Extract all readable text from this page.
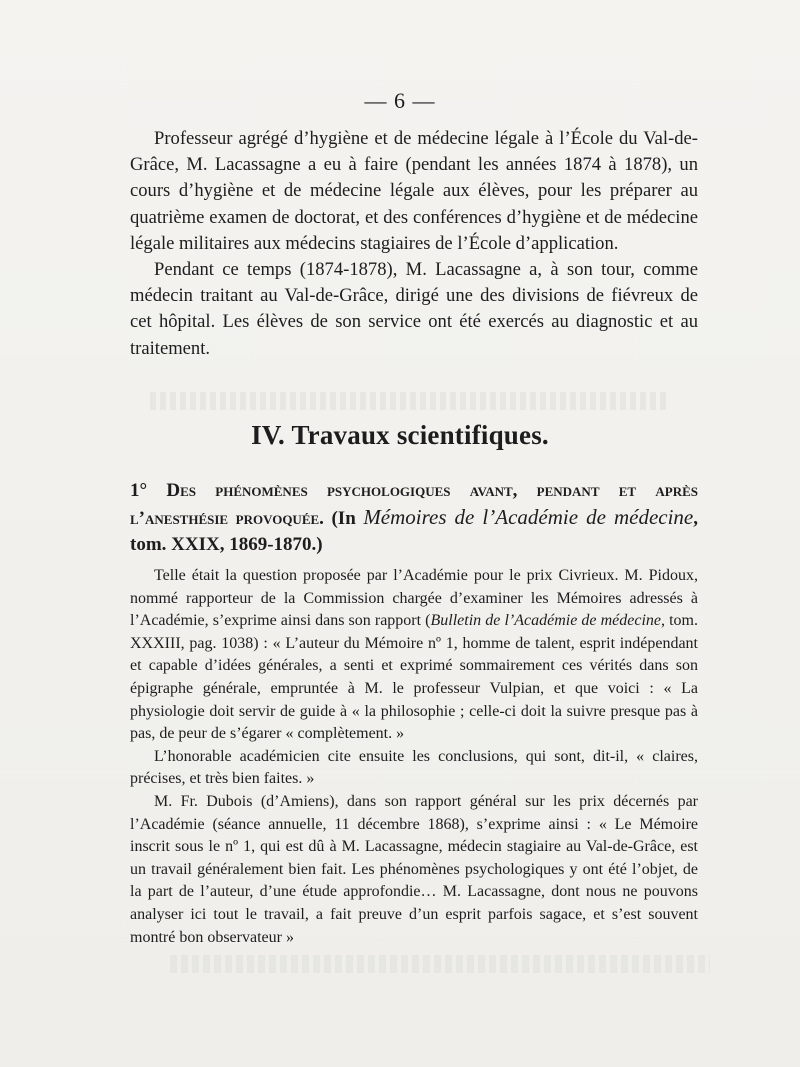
— 6 —

Professeur agrégé d’hygiène et de médecine légale à l’École du Val-de-Grâce, M. Lacassagne a eu à faire (pendant les années 1874 à 1878), un cours d’hygiène et de médecine légale aux élèves, pour les préparer au quatrième examen de doctorat, et des conférences d’hygiène et de médecine légale militaires aux médecins stagiaires de l’École d’application.

Pendant ce temps (1874-1878), M. Lacassagne a, à son tour, comme médecin traitant au Val-de-Grâce, dirigé une des divisions de fiévreux de cet hôpital. Les élèves de son service ont été exercés au diagnostic et au traitement.

IV. Travaux scientifiques.
1° Des phénomènes psychologiques avant, pendant et après l’anesthésie provoquée. (In Mémoires de l’Académie de médecine, tom. XXIX, 1869-1870.)

Telle était la question proposée par l’Académie pour le prix Civrieux. M. Pidoux, nommé rapporteur de la Commission chargée d’examiner les Mémoires adressés à l’Académie, s’exprime ainsi dans son rapport (Bulletin de l’Académie de médecine, tom. XXXIII, pag. 1038) : « L’auteur du Mémoire nº 1, homme de talent, esprit indépendant et capable d’idées générales, a senti et exprimé sommairement ces vérités dans son épigraphe générale, empruntée à M. le professeur Vulpian, et que voici : « La physiologie doit servir de guide à « la philosophie ; celle-ci doit la suivre presque pas à pas, de peur de s’égarer « complètement. »

L’honorable académicien cite ensuite les conclusions, qui sont, dit-il, « claires, précises, et très bien faites. »

M. Fr. Dubois (d’Amiens), dans son rapport général sur les prix décernés par l’Académie (séance annuelle, 11 décembre 1868), s’exprime ainsi : « Le Mémoire inscrit sous le nº 1, qui est dû à M. Lacassagne, médecin stagiaire au Val-de-Grâce, est un travail généralement bien fait. Les phénomènes psychologiques y ont été l’objet, de la part de l’auteur, d’une étude approfondie… M. Lacassagne, dont nous ne pouvons analyser ici tout le travail, a fait preuve d’un esprit parfois sagace, et s’est souvent montré bon observateur »
